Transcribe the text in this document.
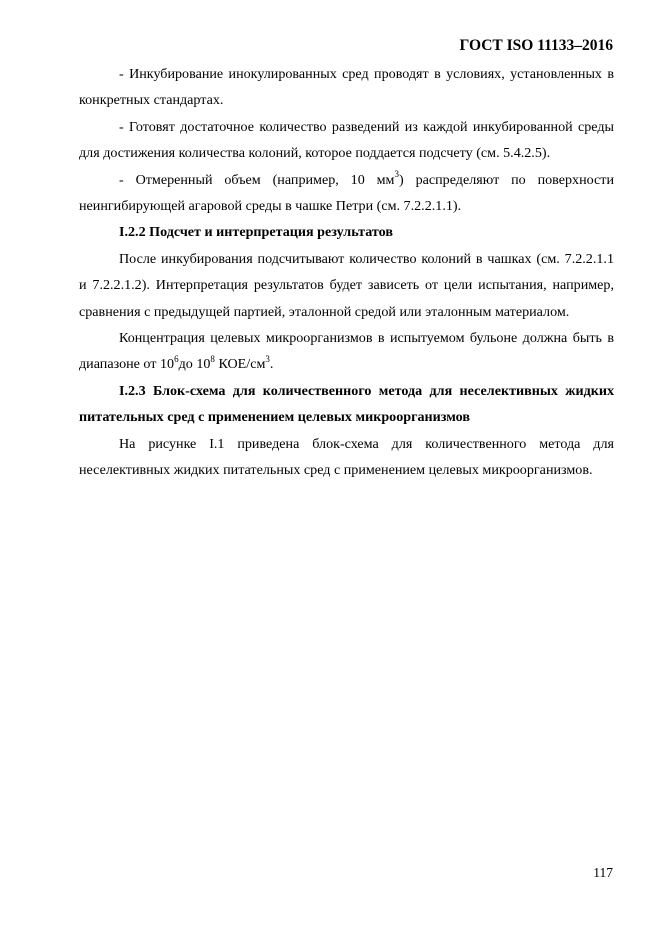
ГОСТ ISO 11133–2016

- Инкубирование инокулированных сред проводят в условиях, установленных в конкретных стандартах.

- Готовят достаточное количество разведений из каждой инкубированной среды для достижения количества колоний, которое поддается подсчету (см. 5.4.2.5).

- Отмеренный объем (например, 10 $мм^3$) распределяют по поверхности неингибирующей агаровой среды в чашке Петри (см. 7.2.2.1.1).

I.2.2 Подсчет и интерпретация результатов

После инкубирования подсчитывают количество колоний в чашках (см. 7.2.2.1.1 и 7.2.2.1.2). Интерпретация результатов будет зависеть от цели испытания, например, сравнения с предыдущей партией, эталонной средой или эталонным материалом.

Концентрация целевых микроорганизмов в испытуемом бульоне должна быть в диапазоне от $10^6до$ $10^8$ КОЕ/$см^3$.

I.2.3 Блок-схема для количественного метода для неселективных жидких питательных сред с применением целевых микроорганизмов

На рисунке I.1 приведена блок-схема для количественного метода для неселективных жидких питательных сред с применением целевых микроорганизмов.

117
